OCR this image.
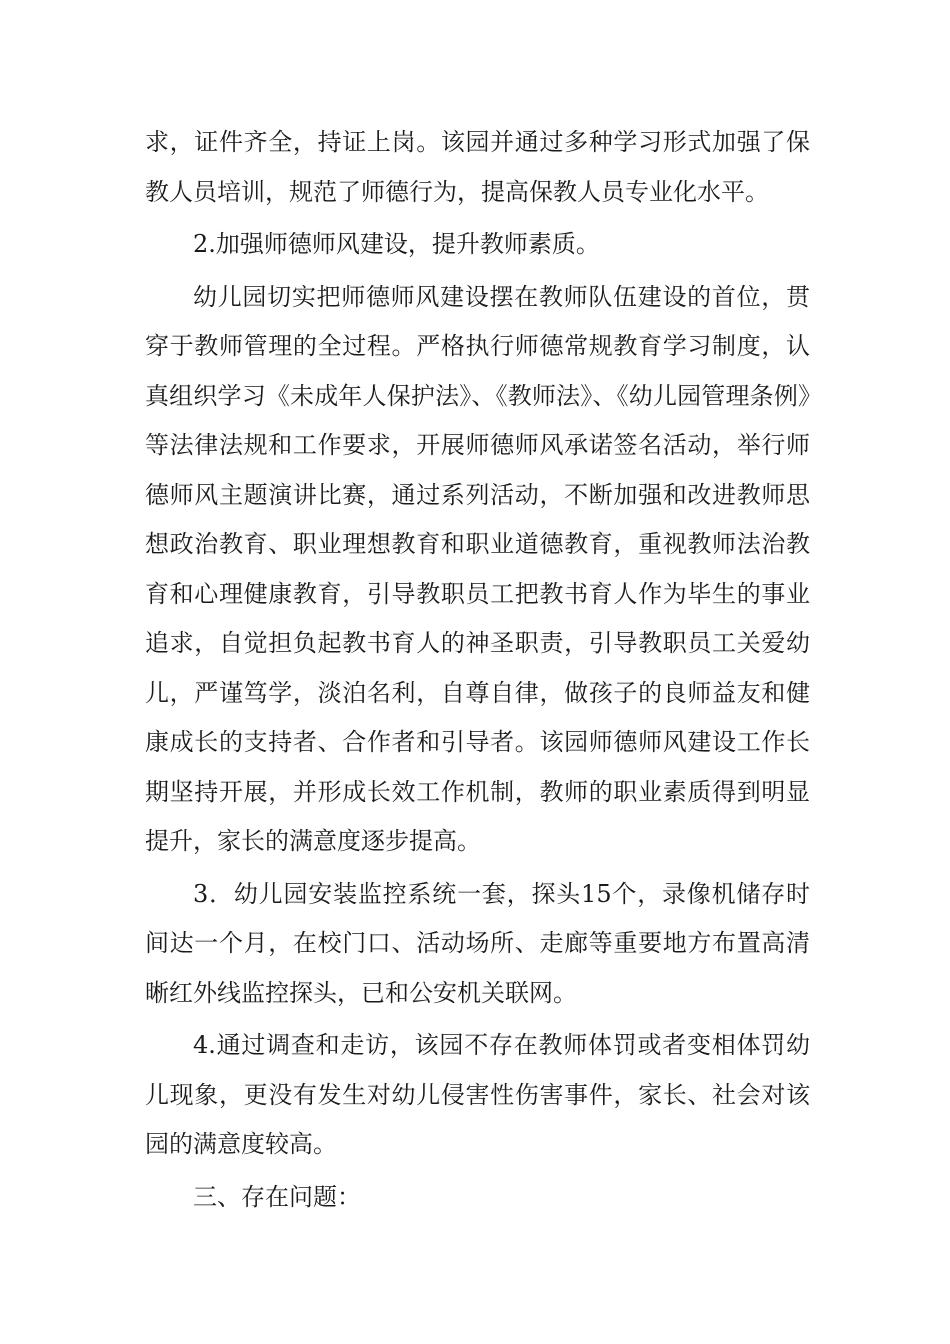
求，证件齐全，持证上岗。该园并通过多种学习形式加强了保教人员培训，规范了师德行为，提高保教人员专业化水平。

2.加强师德师风建设，提升教师素质。

幼儿园切实把师德师风建设摆在教师队伍建设的首位，贯穿于教师管理的全过程。严格执行师德常规教育学习制度，认真组织学习《未成年人保护法》、《教师法》、《幼儿园管理条例》等法律法规和工作要求，开展师德师风承诺签名活动，举行师德师风主题演讲比赛，通过系列活动，不断加强和改进教师思想政治教育、职业理想教育和职业道德教育，重视教师法治教育和心理健康教育，引导教职员工把教书育人作为毕生的事业追求，自觉担负起教书育人的神圣职责，引导教职员工关爱幼儿，严谨笃学，淡泊名利，自尊自律，做孩子的良师益友和健康成长的支持者、合作者和引导者。该园师德师风建设工作长期坚持开展，并形成长效工作机制，教师的职业素质得到明显提升，家长的满意度逐步提高。

3．幼儿园安装监控系统一套，探头15个，录像机储存时间达一个月，在校门口、活动场所、走廊等重要地方布置高清晰红外线监控探头，已和公安机关联网。

4.通过调查和走访，该园不存在教师体罚或者变相体罚幼儿现象，更没有发生对幼儿侵害性伤害事件，家长、社会对该园的满意度较高。

三、存在问题：
